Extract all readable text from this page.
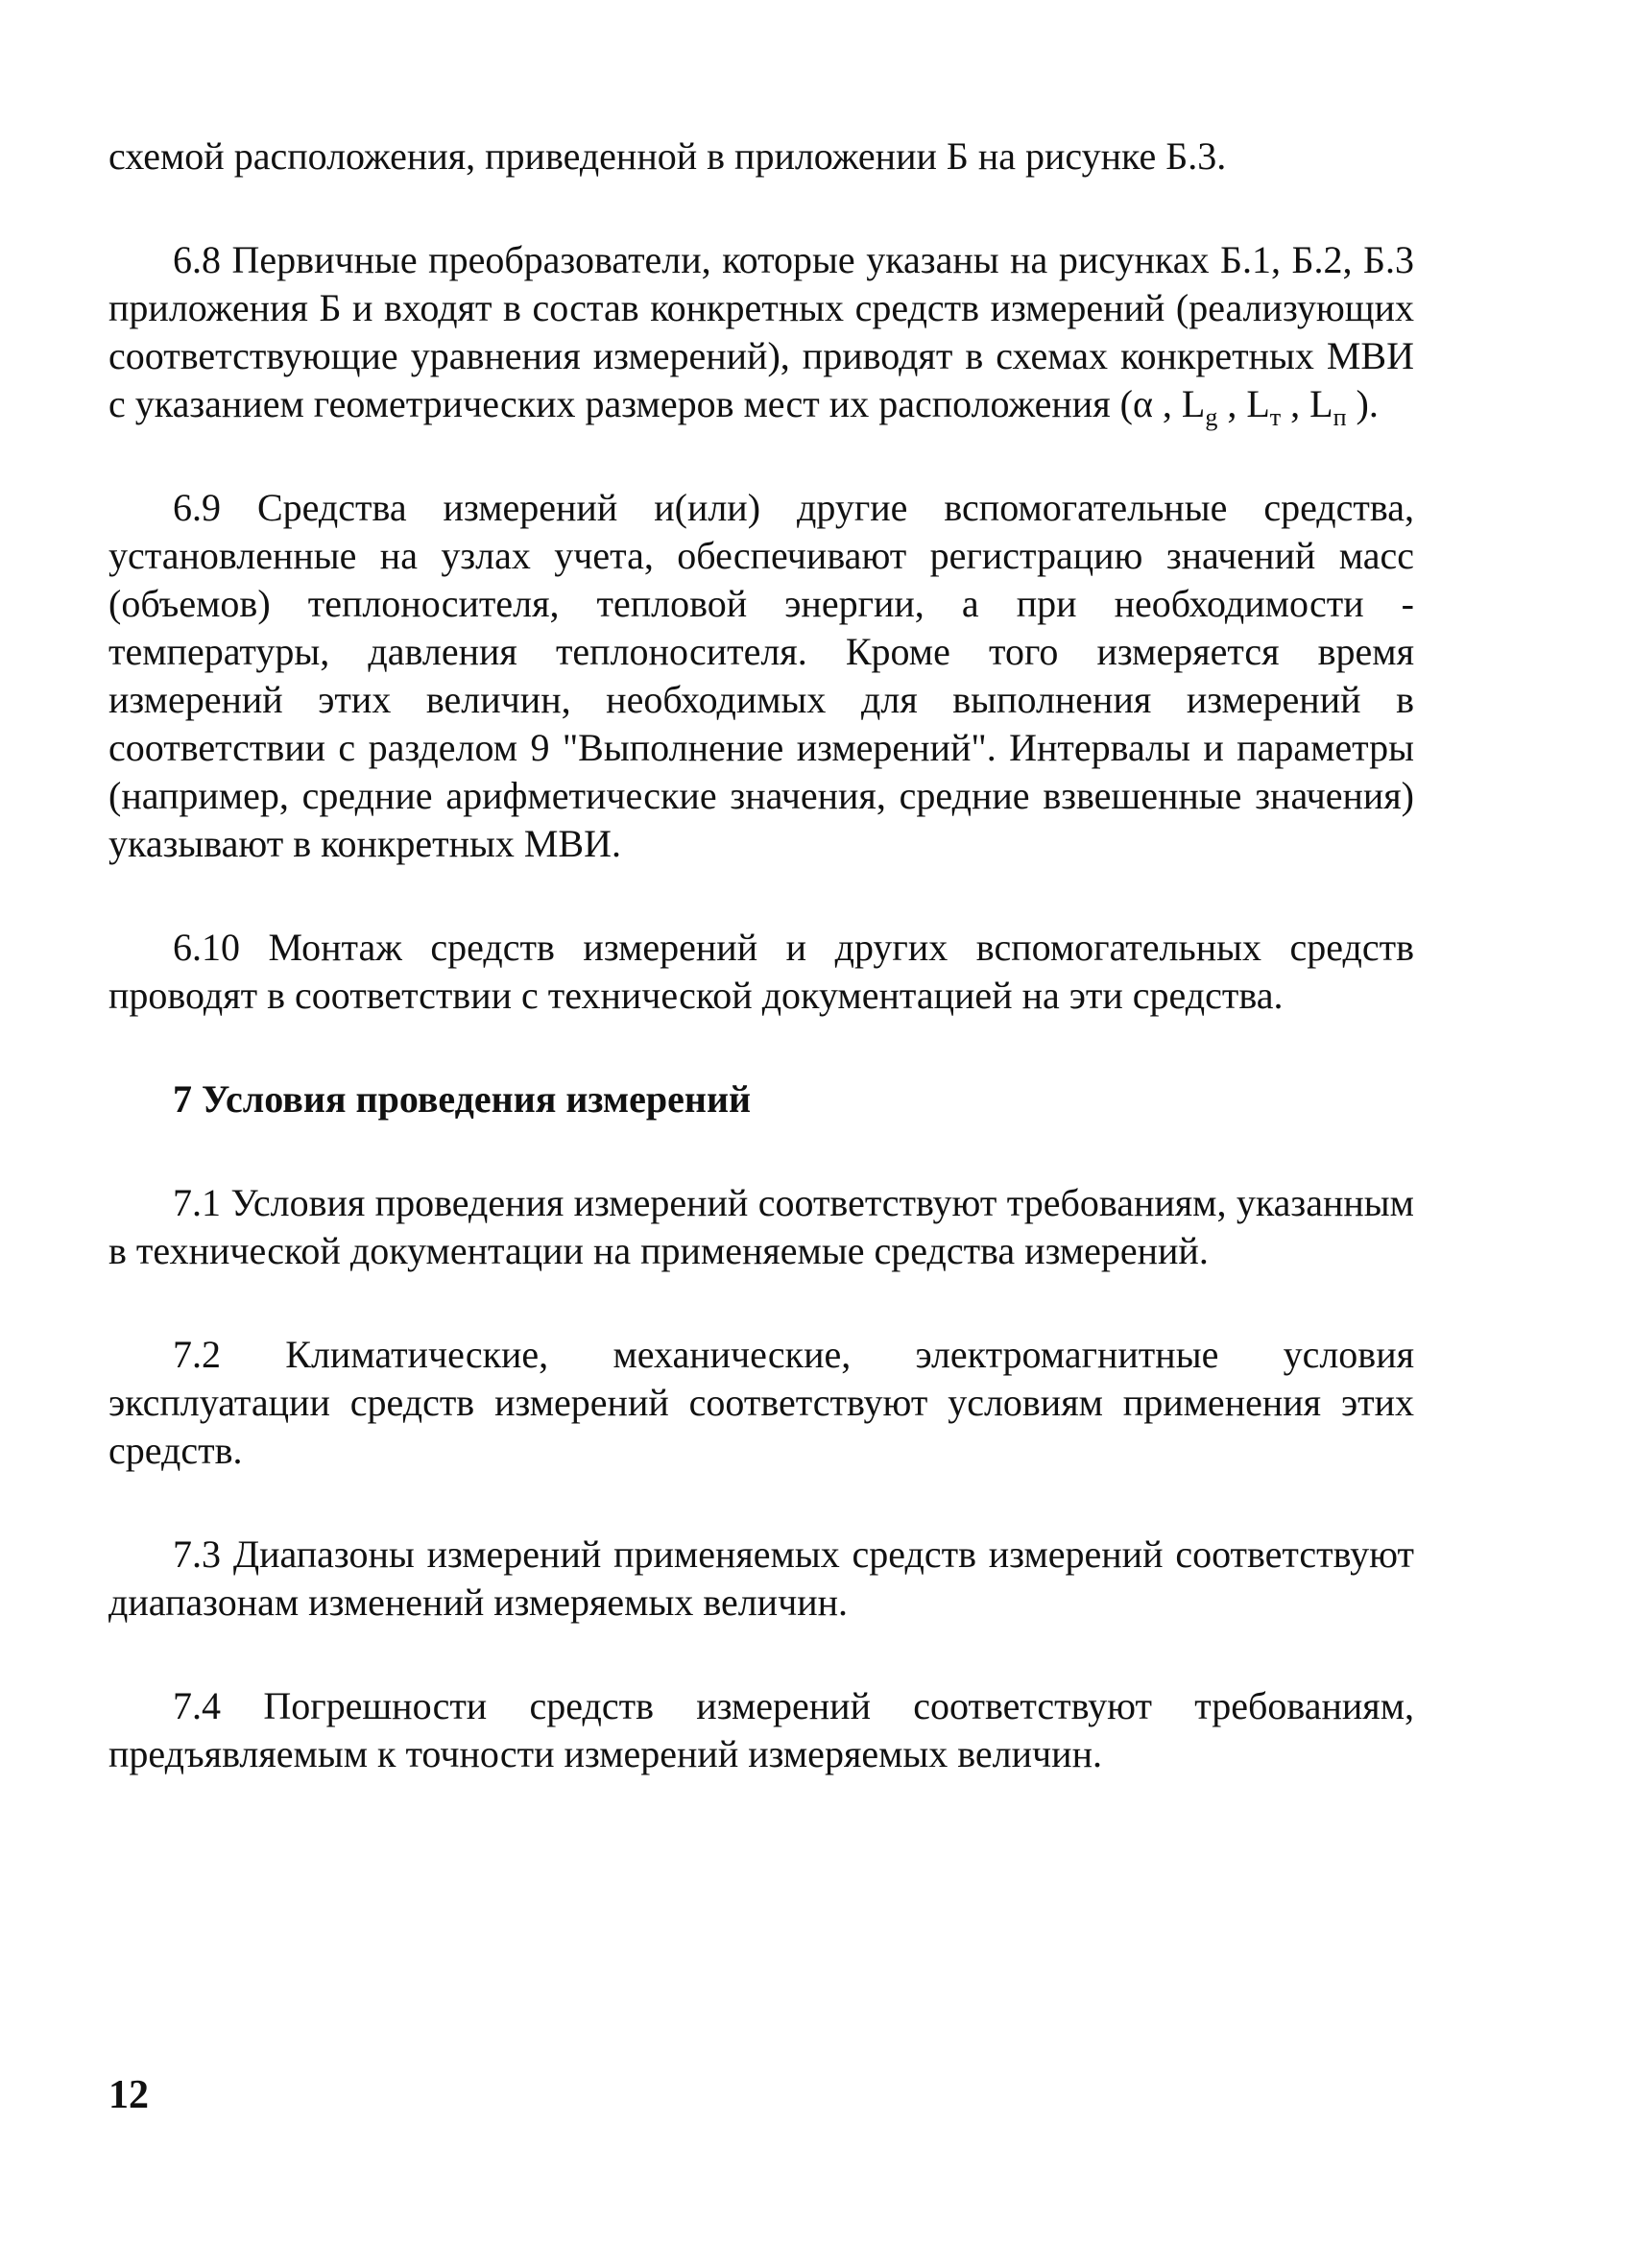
схемой расположения, приведенной в приложении Б на рисунке Б.3.

6.8 Первичные преобразователи, которые указаны на рисунках Б.1, Б.2, Б.3 приложения Б и входят в состав конкретных средств измерений (реализующих соответствующие уравнения измерений), приводят в схемах конкретных МВИ с указанием геометрических размеров мест их расположения (α , $L_g$ , $L_т$ , $L_п$ ).

6.9 Средства измерений и(или) другие вспомогательные средства, установленные на узлах учета, обеспечивают регистрацию значений масс (объемов) теплоносителя, тепловой энергии, а при необходимости - температуры, давления теплоносителя. Кроме того измеряется время измерений этих величин, необходимых для выполнения измерений в соответствии с разделом 9 "Выполнение измерений". Интервалы и параметры (например, средние арифметические значения, средние взвешенные значения) указывают в конкретных МВИ.

6.10 Монтаж средств измерений и других вспомогательных средств проводят в соответствии с технической документацией на эти средства.

7 Условия проведения измерений

7.1 Условия проведения измерений соответствуют требованиям, указанным в технической документации на применяемые средства измерений.

7.2 Климатические, механические, электромагнитные условия эксплуатации средств измерений соответствуют условиям применения этих средств.

7.3 Диапазоны измерений применяемых средств измерений соответствуют диапазонам изменений измеряемых величин.

7.4 Погрешности средств измерений соответствуют требованиям, предъявляемым к точности измерений измеряемых величин.

12
